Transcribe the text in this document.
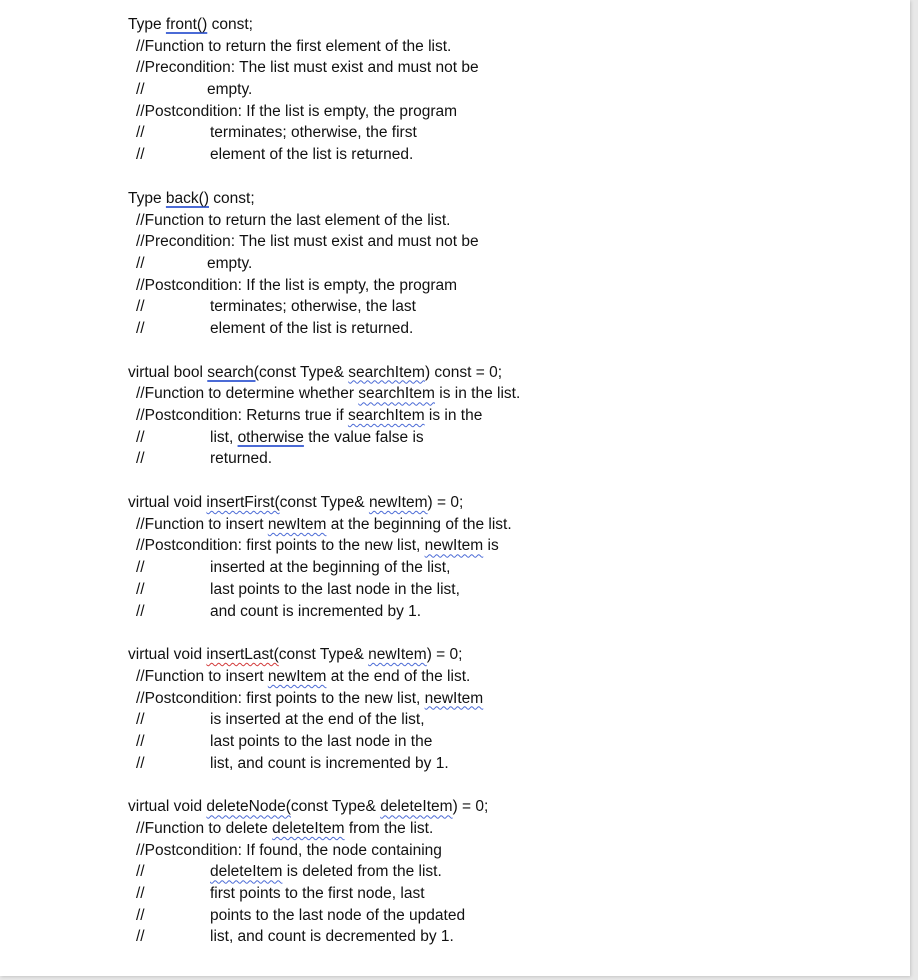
Type front() const;
//Function to return the first element of the list.
//Precondition: The list must exist and must not be
//	empty.
//Postcondition: If the list is empty, the program
//	terminates; otherwise, the first
//	element of the list is returned.
Type back() const;
//Function to return the last element of the list.
//Precondition: The list must exist and must not be
//	empty.
//Postcondition: If the list is empty, the program
//	terminates; otherwise, the last
//	element of the list is returned.
virtual bool search(const Type& searchItem) const = 0;
//Function to determine whether searchItem is in the list.
//Postcondition: Returns true if searchItem is in the
//	list, otherwise the value false is
//	returned.
virtual void insertFirst(const Type& newItem) = 0;
//Function to insert newItem at the beginning of the list.
//Postcondition: first points to the new list, newItem is
//	inserted at the beginning of the list,
//	last points to the last node in the list,
//	and count is incremented by 1.
virtual void insertLast(const Type& newItem) = 0;
//Function to insert newItem at the end of the list.
//Postcondition: first points to the new list, newItem
//	is inserted at the end of the list,
//	last points to the last node in the
//	list, and count is incremented by 1.
virtual void deleteNode(const Type& deleteItem) = 0;
//Function to delete deleteItem from the list.
//Postcondition: If found, the node containing
//	deleteItem is deleted from the list.
//	first points to the first node, last
//	points to the last node of the updated
//	list, and count is decremented by 1.
